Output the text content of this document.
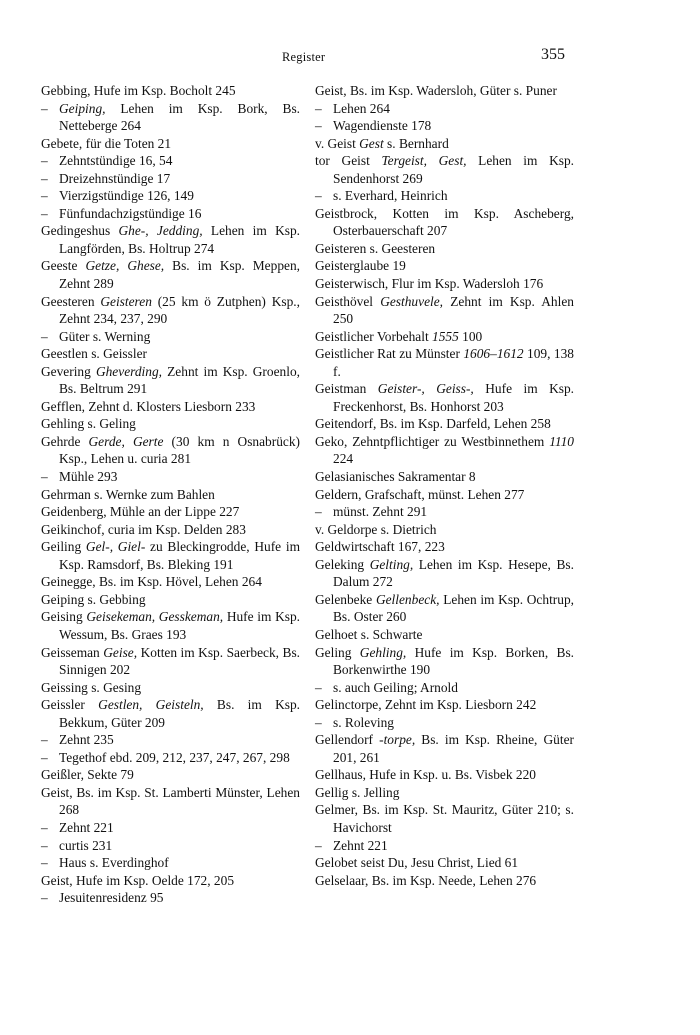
Register	355

Gebbing, Hufe im Ksp. Bocholt 245

– Geiping, Lehen im Ksp. Bork, Bs. Netteberge 264

Gebete, für die Toten 21

– Zehntstündige 16, 54

– Dreizehnstündige 17

– Vierzigstündige 126, 149

– Fünfundachzigstündige 16

Gedingeshus Ghe-, Jedding, Lehen im Ksp. Langförden, Bs. Holtrup 274

Geeste Getze, Ghese, Bs. im Ksp. Meppen, Zehnt 289

Geesteren Geisteren (25 km ö Zutphen) Ksp., Zehnt 234, 237, 290

– Güter s. Werning

Geestlen s. Geissler

Gevering Gheverding, Zehnt im Ksp. Groenlo, Bs. Beltrum 291

Gefflen, Zehnt d. Klosters Liesborn 233

Gehling s. Geling

Gehrde Gerde, Gerte (30 km n Osnabrück) Ksp., Lehen u. curia 281

– Mühle 293

Gehrman s. Wernke zum Bahlen

Geidenberg, Mühle an der Lippe 227

Geikinchof, curia im Ksp. Delden 283

Geiling Gel-, Giel- zu Bleckingrodde, Hufe im Ksp. Ramsdorf, Bs. Bleking 191

Geinegge, Bs. im Ksp. Hövel, Lehen 264

Geiping s. Gebbing

Geising Geisekeman, Gesskeman, Hufe im Ksp. Wessum, Bs. Graes 193

Geisseman Geise, Kotten im Ksp. Saerbeck, Bs. Sinnigen 202

Geissing s. Gesing

Geissler Gestlen, Geisteln, Bs. im Ksp. Bekkum, Güter 209

– Zehnt 235

– Tegethof ebd. 209, 212, 237, 247, 267, 298

Geißler, Sekte 79

Geist, Bs. im Ksp. St. Lamberti Münster, Lehen 268

– Zehnt 221

– curtis 231

– Haus s. Everdinghof

Geist, Hufe im Ksp. Oelde 172, 205

– Jesuitenresidenz 95

Geist, Bs. im Ksp. Wadersloh, Güter s. Puner

– Lehen 264

– Wagendienste 178

v. Geist Gest s. Bernhard

tor Geist Tergeist, Gest, Lehen im Ksp. Sendenhorst 269

– s. Everhard, Heinrich

Geistbrock, Kotten im Ksp. Ascheberg, Osterbauerschaft 207

Geisteren s. Geesteren

Geisterglaube 19

Geisterwisch, Flur im Ksp. Wadersloh 176

Geisthövel Gesthuvele, Zehnt im Ksp. Ahlen 250

Geistlicher Vorbehalt 1555 100

Geistlicher Rat zu Münster 1606–1612 109, 138 f.

Geistman Geister-, Geiss-, Hufe im Ksp. Freckenhorst, Bs. Honhorst 203

Geitendorf, Bs. im Ksp. Darfeld, Lehen 258

Geko, Zehntpflichtiger zu Westbinnethem 1110 224

Gelasianisches Sakramentar 8

Geldern, Grafschaft, münst. Lehen 277

– münst. Zehnt 291

v. Geldorpe s. Dietrich

Geldwirtschaft 167, 223

Geleking Gelting, Lehen im Ksp. Hesepe, Bs. Dalum 272

Gelenbeke Gellenbeck, Lehen im Ksp. Ochtrup, Bs. Oster 260

Gelhoet s. Schwarte

Geling Gehling, Hufe im Ksp. Borken, Bs. Borkenwirthe 190

– s. auch Geiling; Arnold

Gelinctorpe, Zehnt im Ksp. Liesborn 242

– s. Roleving

Gellendorf -torpe, Bs. im Ksp. Rheine, Güter 201, 261

Gellhaus, Hufe in Ksp. u. Bs. Visbek 220

Gellig s. Jelling

Gelmer, Bs. im Ksp. St. Mauritz, Güter 210; s. Havichorst

– Zehnt 221

Gelobet seist Du, Jesu Christ, Lied 61

Gelselaar, Bs. im Ksp. Neede, Lehen 276
